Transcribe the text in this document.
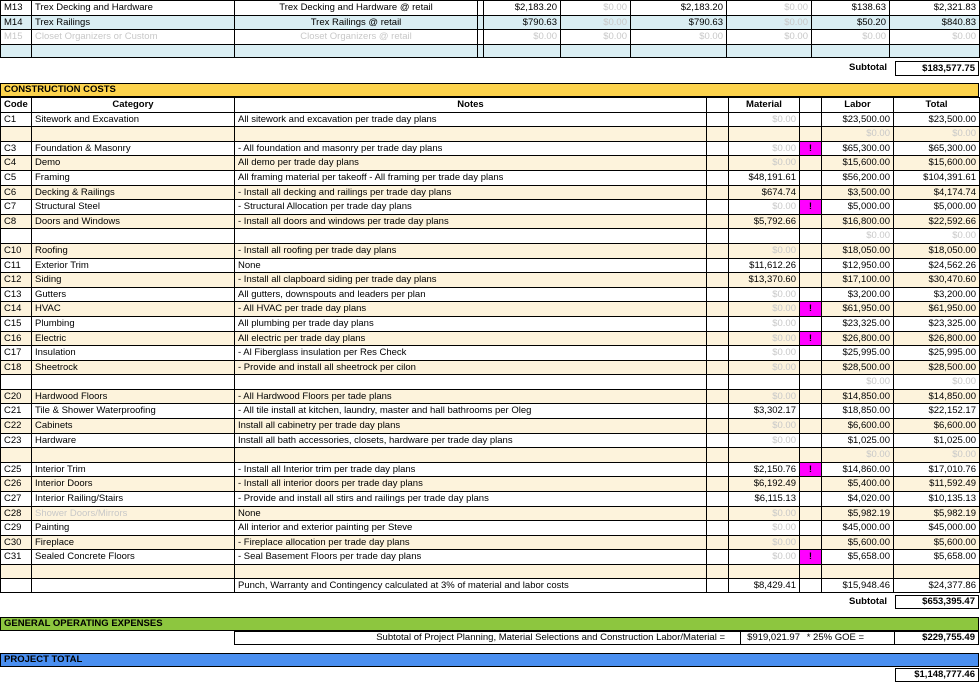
M13	Trex Decking and Hardware	Trex Decking and Hardware @ retail		$2,183.20	$0.00	$2,183.20	$0.00	$138.63	$2,321.83
M14	Trex Railings	Trex Railings @ retail		$790.63	$0.00	$790.63	$0.00	$50.20	$840.83
M15	Closet Organizers or Custom	Closet Organizers @ retail		$0.00	$0.00	$0.00	$0.00	$0.00	$0.00

Subtotal	$183,577.75
CONSTRUCTION COSTS
Code	Category	Notes		Material		Labor	Total
C1	Sitework and Excavation	All sitework and excavation per trade day plans		$0.00		$23,500.00	$23,500.00
						$0.00	$0.00
C3	Foundation & Masonry	- All foundation and masonry per trade day plans		$0.00	!	$65,300.00	$65,300.00
C4	Demo	All demo per trade day plans		$0.00		$15,600.00	$15,600.00
C5	Framing	All framing material per takeoff - All framing per trade day plans		$48,191.61		$56,200.00	$104,391.61
C6	Decking & Railings	- Install all decking and railings per trade day plans		$674.74		$3,500.00	$4,174.74
C7	Structural Steel	- Structural Allocation per trade day plans		$0.00	!	$5,000.00	$5,000.00
C8	Doors and Windows	- Install all doors and windows per trade day plans		$5,792.66		$16,800.00	$22,592.66
						$0.00	$0.00
C10	Roofing	- Install all roofing per trade day plans		$0.00		$18,050.00	$18,050.00
C11	Exterior Trim	None		$11,612.26		$12,950.00	$24,562.26
C12	Siding	- Install all clapboard siding per trade day plans		$13,370.60		$17,100.00	$30,470.60
C13	Gutters	All gutters, downspouts and leaders per plan		$0.00		$3,200.00	$3,200.00
C14	HVAC	- All HVAC per trade day plans		$0.00	!	$61,950.00	$61,950.00
C15	Plumbing	All plumbing per trade day plans		$0.00		$23,325.00	$23,325.00
C16	Electric	All electric per trade day plans		$0.00	!	$26,800.00	$26,800.00
C17	Insulation	- Al Fiberglass insulation per Res Check		$0.00		$25,995.00	$25,995.00
C18	Sheetrock	- Provide and install all sheetrock per cilon		$0.00		$28,500.00	$28,500.00
						$0.00	$0.00
C20	Hardwood Floors	- All Hardwood Floors per tade plans		$0.00		$14,850.00	$14,850.00
C21	Tile & Shower Waterproofing	- All tile install at kitchen, laundry, master and hall bathrooms per Oleg		$3,302.17		$18,850.00	$22,152.17
C22	Cabinets	Install all cabinetry per trade day plans		$0.00		$6,600.00	$6,600.00
C23	Hardware	Install all bath accessories, closets, hardware per trade day plans		$0.00		$1,025.00	$1,025.00
						$0.00	$0.00
C25	Interior Trim	- Install all Interior trim per trade day plans		$2,150.76	!	$14,860.00	$17,010.76
C26	Interior Doors	- Install all interior doors per trade day plans		$6,192.49		$5,400.00	$11,592.49
C27	Interior Railing/Stairs	- Provide and install all stirs and railings per trade day plans		$6,115.13		$4,020.00	$10,135.13
C28	Shower Doors/Mirrors	None		$0.00		$5,982.19	$5,982.19
C29	Painting	All interior and exterior painting per Steve		$0.00		$45,000.00	$45,000.00
C30	Fireplace	- Fireplace allocation per trade day plans		$0.00		$5,600.00	$5,600.00
C31	Sealed Concrete Floors	- Seal Basement Floors per trade day plans		$0.00	!	$5,658.00	$5,658.00

		Punch, Warranty and Contingency calculated at 3% of material and labor costs		$8,429.41		$15,948.46	$24,377.86
Subtotal	$653,395.47
GENERAL OPERATING EXPENSES
Subtotal of Project Planning, Material Selections and Construction Labor/Material =	$919,021.97 * 25% GOE =	$229,755.49
PROJECT TOTAL
$1,148,777.46
